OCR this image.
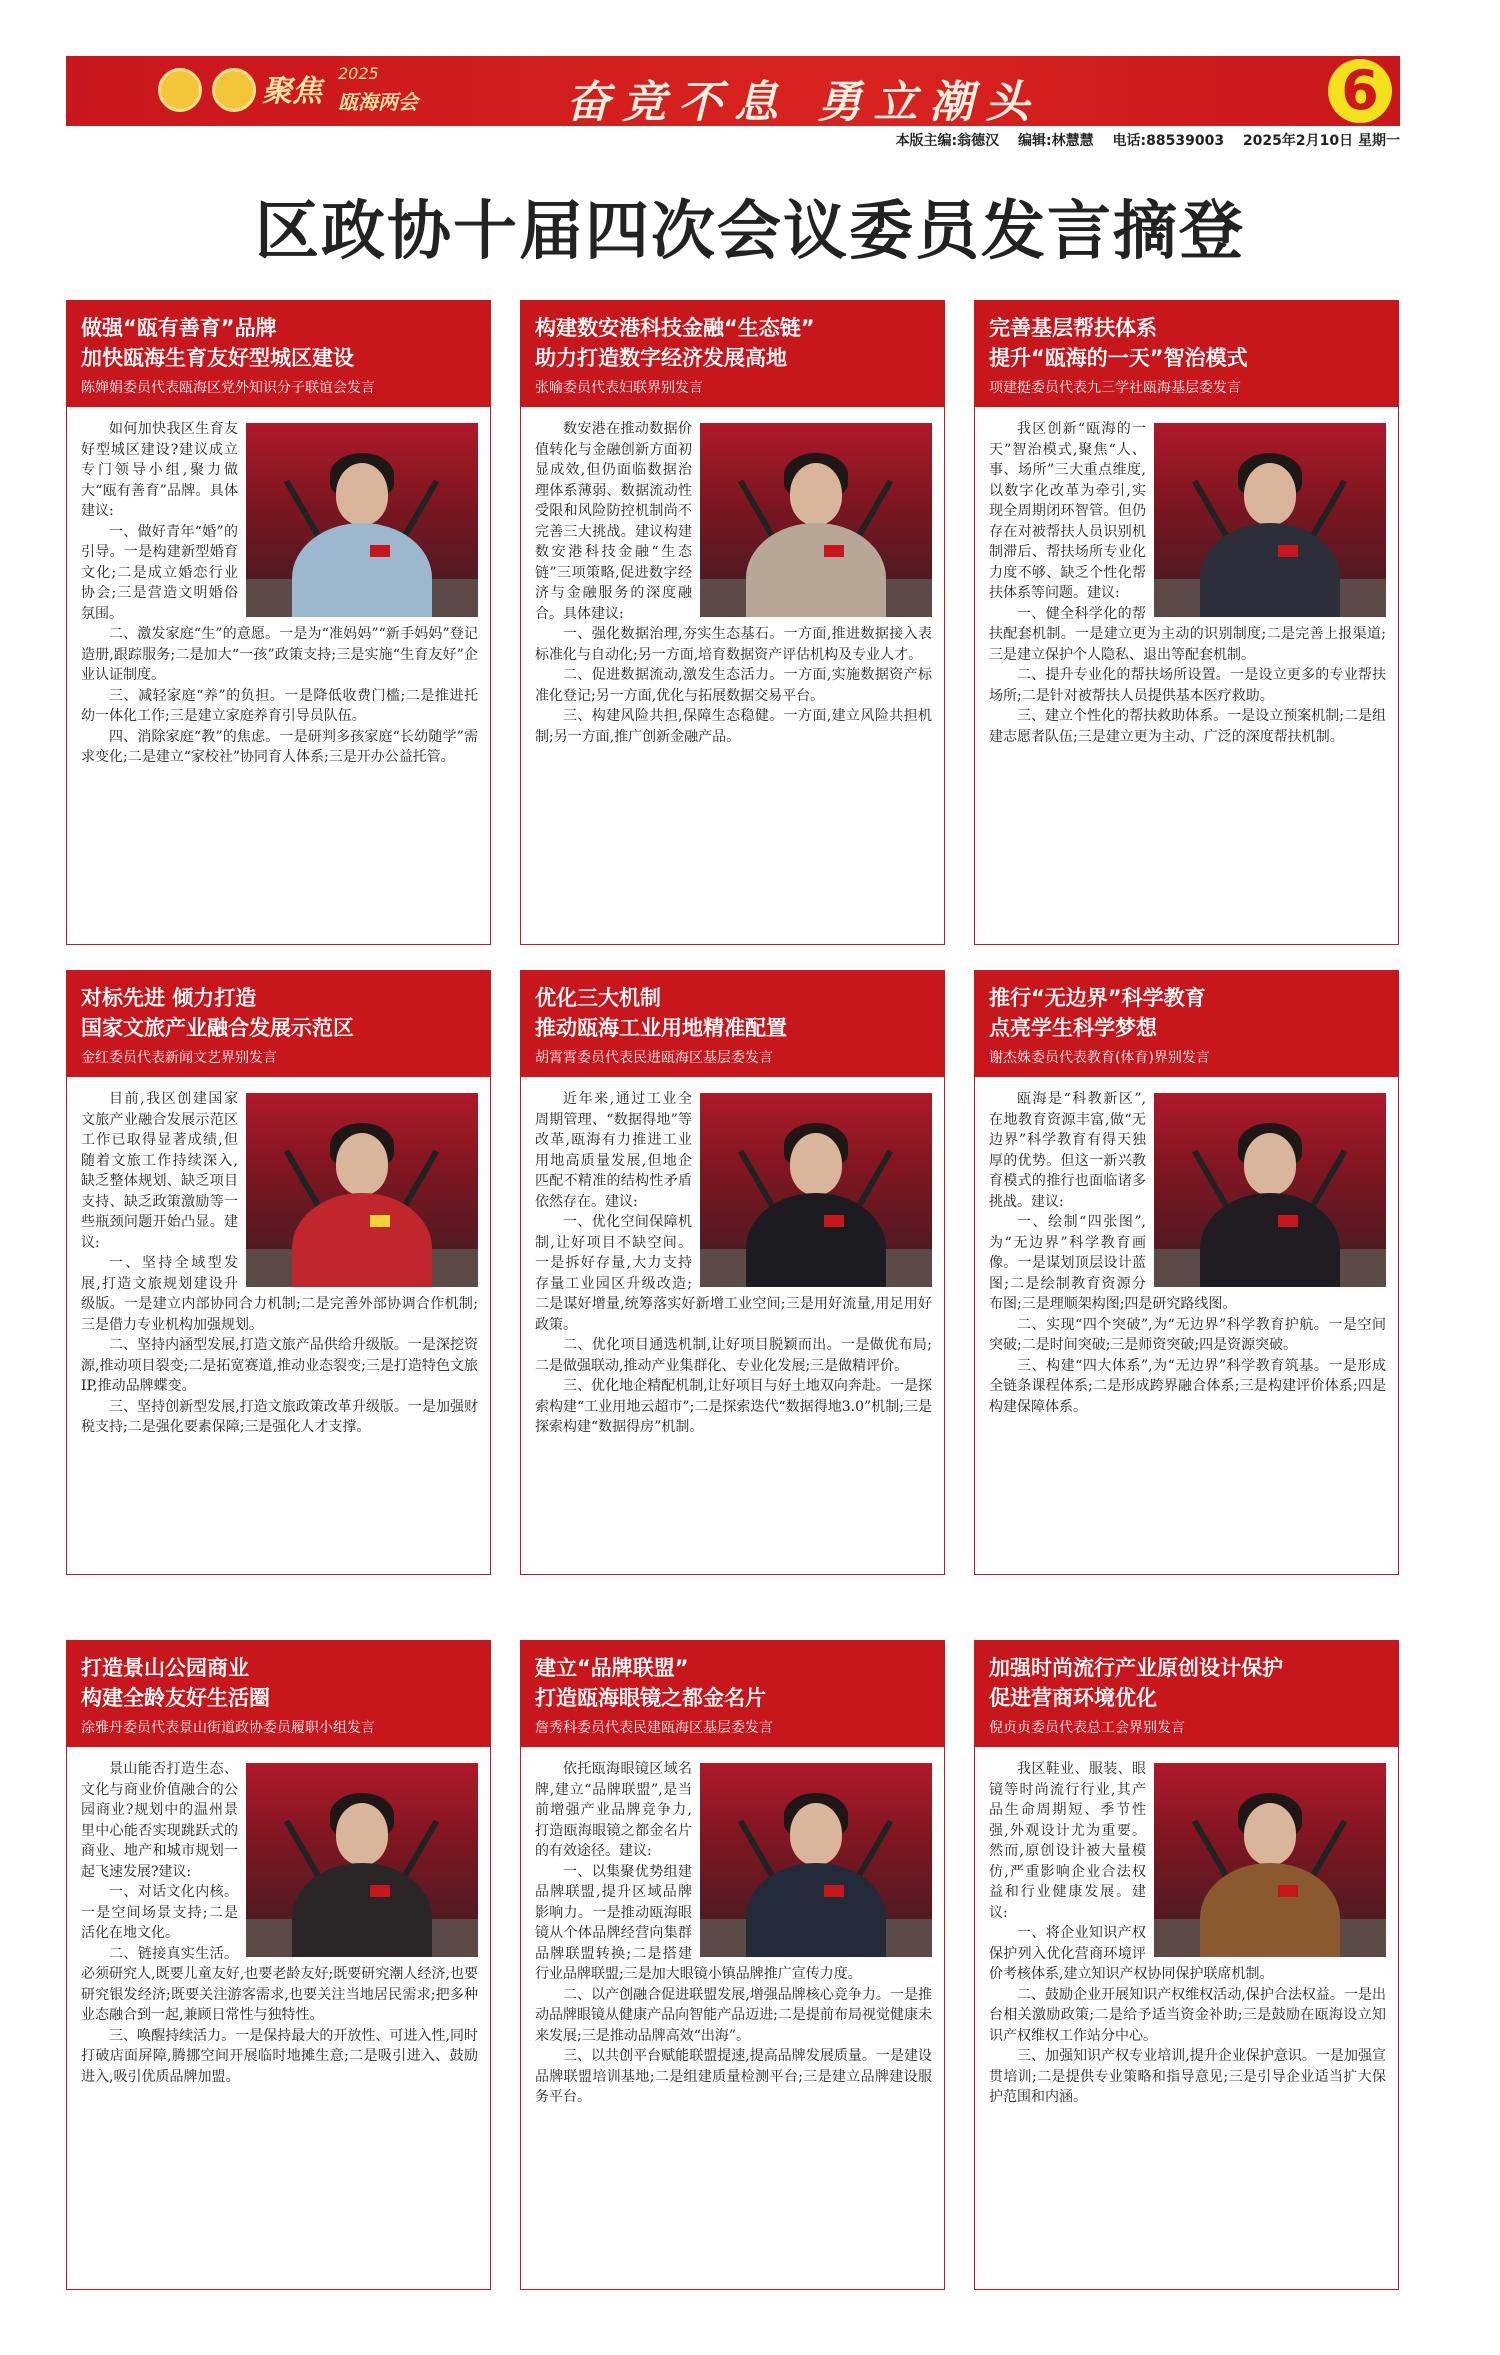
聚焦
2025
瓯海两会	奋竞不息 勇立潮头	6
本版主编:翁德汉 编辑:林慧慧 电话:88539003 2025年2月10日 星期一
区政协十届四次会议委员发言摘登
做强“瓯有善育”品牌
加快瓯海生育友好型城区建设
陈婵娟委员代表瓯海区党外知识分子联谊会发言

如何加快我区生育友好型城区建设?建议成立专门领导小组,聚力做大“瓯有善育”品牌。具体建议:

一、做好青年“婚”的引导。一是构建新型婚育文化;二是成立婚恋行业协会;三是营造文明婚俗氛围。

二、激发家庭“生”的意愿。一是为“准妈妈”“新手妈妈”登记造册,跟踪服务;二是加大“一孩”政策支持;三是实施“生育友好”企业认证制度。

三、减轻家庭“养”的负担。一是降低收费门槛;二是推进托幼一体化工作;三是建立家庭养育引导员队伍。

四、消除家庭“教”的焦虑。一是研判多孩家庭“长幼随学”需求变化;二是建立“家校社”协同育人体系;三是开办公益托管。

构建数安港科技金融“生态链”
助力打造数字经济发展高地
张喻委员代表妇联界别发言

数安港在推动数据价值转化与金融创新方面初显成效,但仍面临数据治理体系薄弱、数据流动性受限和风险防控机制尚不完善三大挑战。建议构建数安港科技金融“生态链”三项策略,促进数字经济与金融服务的深度融合。具体建议:

一、强化数据治理,夯实生态基石。一方面,推进数据接入表标准化与自动化;另一方面,培育数据资产评估机构及专业人才。

二、促进数据流动,激发生态活力。一方面,实施数据资产标准化登记;另一方面,优化与拓展数据交易平台。

三、构建风险共担,保障生态稳健。一方面,建立风险共担机制;另一方面,推广创新金融产品。

完善基层帮扶体系
提升“瓯海的一天”智治模式
项建挺委员代表九三学社瓯海基层委发言

我区创新“瓯海的一天”智治模式,聚焦“人、事、场所”三大重点维度,以数字化改革为牵引,实现全周期闭环智管。但仍存在对被帮扶人员识别机制滞后、帮扶场所专业化力度不够、缺乏个性化帮扶体系等问题。建议:

一、健全科学化的帮扶配套机制。一是建立更为主动的识别制度;二是完善上报渠道;三是建立保护个人隐私、退出等配套机制。

二、提升专业化的帮扶场所设置。一是设立更多的专业帮扶场所;二是针对被帮扶人员提供基本医疗救助。

三、建立个性化的帮扶救助体系。一是设立预案机制;二是组建志愿者队伍;三是建立更为主动、广泛的深度帮扶机制。

对标先进 倾力打造
国家文旅产业融合发展示范区
金红委员代表新闻文艺界别发言

目前,我区创建国家文旅产业融合发展示范区工作已取得显著成绩,但随着文旅工作持续深入,缺乏整体规划、缺乏项目支持、缺乏政策激励等一些瓶颈问题开始凸显。建议:

一、坚持全域型发展,打造文旅规划建设升级版。一是建立内部协同合力机制;二是完善外部协调合作机制;三是借力专业机构加强规划。

二、坚持内涵型发展,打造文旅产品供给升级版。一是深挖资源,推动项目裂变;二是拓宽赛道,推动业态裂变;三是打造特色文旅IP,推动品牌蝶变。

三、坚持创新型发展,打造文旅政策改革升级版。一是加强财税支持;二是强化要素保障;三是强化人才支撑。

优化三大机制
推动瓯海工业用地精准配置
胡霄霄委员代表民进瓯海区基层委发言

近年来,通过工业全周期管理、“数据得地”等改革,瓯海有力推进工业用地高质量发展,但地企匹配不精准的结构性矛盾依然存在。建议:

一、优化空间保障机制,让好项目不缺空间。一是拆好存量,大力支持存量工业园区升级改造;二是谋好增量,统筹落实好新增工业空间;三是用好流量,用足用好政策。

二、优化项目通选机制,让好项目脱颖而出。一是做优布局;二是做强联动,推动产业集群化、专业化发展;三是做精评价。

三、优化地企精配机制,让好项目与好土地双向奔赴。一是探索构建“工业用地云超市”;二是探索迭代“数据得地3.0”机制;三是探索构建“数据得房”机制。

推行“无边界”科学教育
点亮学生科学梦想
谢杰姝委员代表教育(体育)界别发言

瓯海是“科教新区”,在地教育资源丰富,做“无边界”科学教育有得天独厚的优势。但这一新兴教育模式的推行也面临诸多挑战。建议:

一、绘制“四张图”,为“无边界”科学教育画像。一是谋划顶层设计蓝图;二是绘制教育资源分布图;三是理顺架构图;四是研究路线图。

二、实现“四个突破”,为“无边界”科学教育护航。一是空间突破;二是时间突破;三是师资突破;四是资源突破。

三、构建“四大体系”,为“无边界”科学教育筑基。一是形成全链条课程体系;二是形成跨界融合体系;三是构建评价体系;四是构建保障体系。

打造景山公园商业
构建全龄友好生活圈
涂雅丹委员代表景山街道政协委员履职小组发言

景山能否打造生态、文化与商业价值融合的公园商业?规划中的温州景里中心能否实现跳跃式的商业、地产和城市规划一起飞速发展?建议:

一、对话文化内核。一是空间场景支持;二是活化在地文化。

二、链接真实生活。必须研究人,既要儿童友好,也要老龄友好;既要研究潮人经济,也要研究银发经济;既要关注游客需求,也要关注当地居民需求;把多种业态融合到一起,兼顾日常性与独特性。

三、唤醒持续活力。一是保持最大的开放性、可进入性,同时打破店面屏障,腾挪空间开展临时地摊生意;二是吸引进入、鼓励进入,吸引优质品牌加盟。

建立“品牌联盟”
打造瓯海眼镜之都金名片
詹秀科委员代表民建瓯海区基层委发言

依托瓯海眼镜区域名牌,建立“品牌联盟”,是当前增强产业品牌竞争力,打造瓯海眼镜之都金名片的有效途径。建议:

一、以集聚优势组建品牌联盟,提升区域品牌影响力。一是推动瓯海眼镜从个体品牌经营向集群品牌联盟转换;二是搭建行业品牌联盟;三是加大眼镜小镇品牌推广宣传力度。

二、以产创融合促进联盟发展,增强品牌核心竞争力。一是推动品牌眼镜从健康产品向智能产品迈进;二是提前布局视觉健康未来发展;三是推动品牌高效“出海”。

三、以共创平台赋能联盟提速,提高品牌发展质量。一是建设品牌联盟培训基地;二是组建质量检测平台;三是建立品牌建设服务平台。

加强时尚流行产业原创设计保护
促进营商环境优化
倪贞贞委员代表总工会界别发言

我区鞋业、服装、眼镜等时尚流行行业,其产品生命周期短、季节性强,外观设计尤为重要。然而,原创设计被大量模仿,严重影响企业合法权益和行业健康发展。建议:

一、将企业知识产权保护列入优化营商环境评价考核体系,建立知识产权协同保护联席机制。

二、鼓励企业开展知识产权维权活动,保护合法权益。一是出台相关激励政策;二是给予适当资金补助;三是鼓励在瓯海设立知识产权维权工作站分中心。

三、加强知识产权专业培训,提升企业保护意识。一是加强宣贯培训;二是提供专业策略和指导意见;三是引导企业适当扩大保护范围和内涵。
